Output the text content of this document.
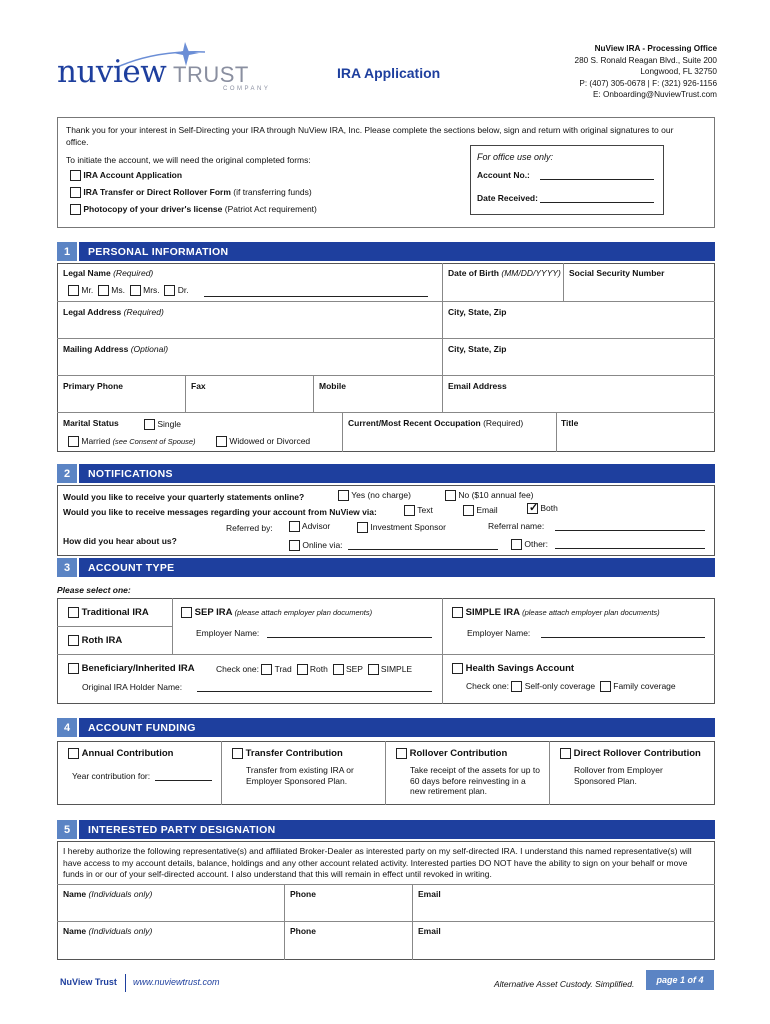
nuview TRUST
COMPANY
IRA Application
NuView IRA - Processing Office
280 S. Ronald Reagan Blvd., Suite 200
Longwood, FL 32750
P: (407) 305-0678 | F: (321) 926-1156
E: Onboarding@NuviewTrust.com
Thank you for your interest in Self-Directing your IRA through NuView IRA, Inc. Please complete the sections below, sign and return with original signatures to our office.
To initiate the account, we will need the original completed forms:
IRA Account Application
IRA Transfer or Direct Rollover Form (if transferring funds)
Photocopy of your driver's license (Patriot Act requirement)
For office use only:
Account No.:
Date Received:
1	PERSONAL INFORMATION
Legal Name (Required)
Mr. Ms. Mrs. Dr.
Date of Birth (MM/DD/YYYY) Social Security Number
Legal Address (Required)	City, State, Zip
Mailing Address (Optional)	City, State, Zip
Primary Phone	Fax	Mobile	Email Address
Marital Status	Single
Married (see Consent of Spouse)	Widowed or Divorced
Current/Most Recent Occupation (Required)	Title
2	NOTIFICATIONS
Would you like to receive your quarterly statements online?	Yes (no charge)	No ($10 annual fee)
Would you like to receive messages regarding your account from NuView via:	Text	Email
✓	Both
Referred by:	Advisor	Investment Sponsor	Referral name:
How did you hear about us?	Online via:	Other:
3	ACCOUNT TYPE
Please select one:
Traditional IRA
Roth IRA
SEP IRA (please attach employer plan documents)
Employer Name:
SIMPLE IRA (please attach employer plan documents)
Employer Name:
Beneficiary/Inherited IRA	Check one: Trad Roth SEP SIMPLE
Original IRA Holder Name:
Health Savings Account
Check one: Self-only coverage Family coverage
4	ACCOUNT FUNDING
Annual Contribution
Year contribution for:
Transfer Contribution
Transfer from existing IRA or Employer Sponsored Plan.
Rollover Contribution
Take receipt of the assets for up to 60 days before reinvesting in a new retirement plan.
Direct Rollover Contribution
Rollover from Employer Sponsored Plan.
5	INTERESTED PARTY DESIGNATION
I hereby authorize the following representative(s) and affiliated Broker-Dealer as interested party on my self-directed IRA. I understand this named representative(s) will have access to my account details, balance, holdings and any other account related activity. Interested parties DO NOT have the ability to sign on your behalf or move funds in or our of your self-directed account. I also understand that this will remain in effect until revoked in writing.
Name (Individuals only)	Phone	Email
Name (Individuals only)	Phone	Email
NuView Trust www.nuviewtrust.com	Alternative Asset Custody. Simplified.	page 1 of 4
